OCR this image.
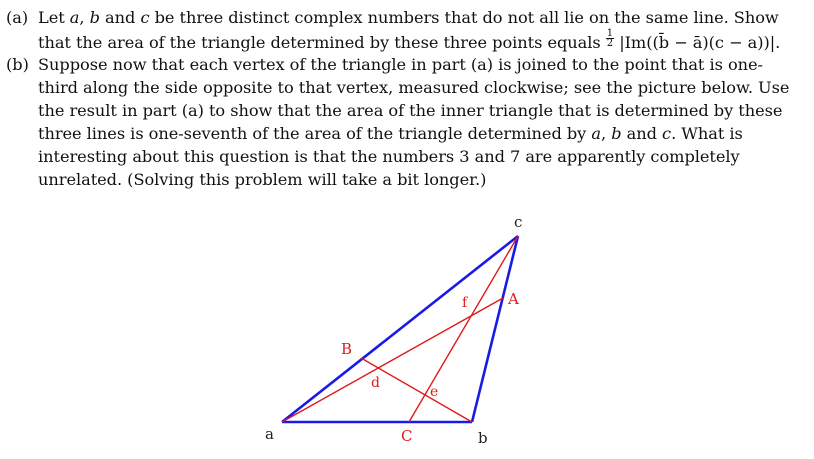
(a) Let a, b and c be three distinct complex numbers that do not all lie on the same line. Show that the area of the triangle determined by these three points equals $\frac{1}{2}$ |Im((b̄ − ā)(c − a))|.
(b) Suppose now that each vertex of the triangle in part (a) is joined to the point that is one-third along the side opposite to that vertex, measured clockwise; see the picture below. Use the result in part (a) to show that the area of the inner triangle that is determined by these three lines is one-seventh of the area of the triangle determined by a, b and c. What is interesting about this question is that the numbers 3 and 7 are apparently completely unrelated. (Solving this problem will take a bit longer.)
a	b
c
A
B
C
d
e
f
